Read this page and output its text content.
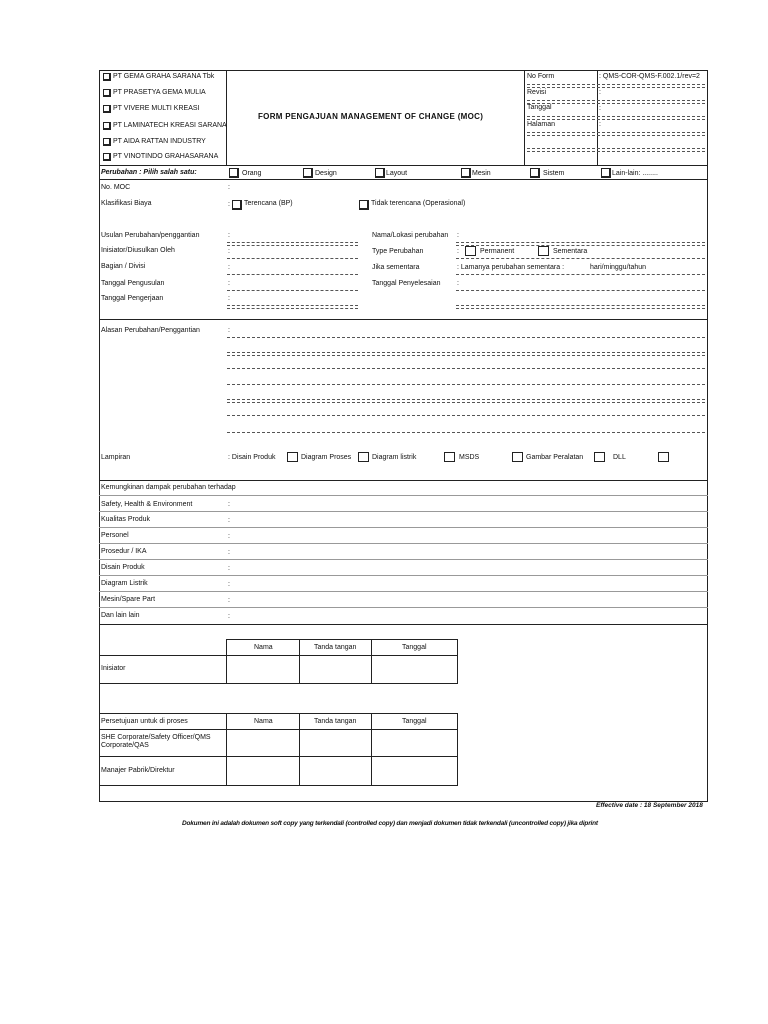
PT GEMA GRAHA SARANA Tbk
PT PRASETYA GEMA MULIA
PT VIVERE MULTI KREASI
PT LAMINATECH KREASI SARANA
PT AIDA RATTAN INDUSTRY
PT VINOTINDO GRAHASARANA
FORM PENGAJUAN MANAGEMENT OF CHANGE (MOC)
No Form	: QMS-COR-QMS-F.002.1/rev=2
Revisi	:
Tanggal	:
Halaman	:
Perubahan : Pilih salah satu:	Orang	Design	Layout	Mesin	Sistem	Lain-lain: ........
No. MOC	:
Klasifikasi Biaya	: Terencana (BP)	Tidak terencana (Operasional)
Usulan Perubahan/penggantian	:
Inisiator/Diusulkan Oleh	:
Bagian / Divisi	:
Tanggal Pengusulan	:
Tanggal Pengerjaan	:
Nama/Lokasi perubahan :
Type Perubahan	:	Permanent	Sementara
Jika sementara	: Lamanya perubahan sementara :	hari/minggu/tahun
Tanggal Penyelesaian :
Alasan Perubahan/Penggantian	:
Lampiran	: Disain Produk	Diagram Proses	Diagram listrik	MSDS	Gambar Peralatan	DLL
Kemungkinan dampak perubahan terhadap
Safety, Health & Environment	:
Kualitas Produk	:
Personel	:
Prosedur / IKA	:
Disain Produk	:
Diagram Listrik	:
Mesin/Spare Part	:
Dan lain lain	:
Nama	Tanda tangan	Tanggal
Inisiator
Persetujuan untuk di proses	Nama	Tanda tangan	Tanggal
SHE Corporate/Safety Officer/QMS Corporate/QAS
Manajer Pabrik/Direktur
Effective date : 18 September 2018
Dokumen ini adalah dokumen soft copy yang terkendali (controlled copy) dan menjadi dokumen tidak terkendali (uncontrolled copy) jika diprint
